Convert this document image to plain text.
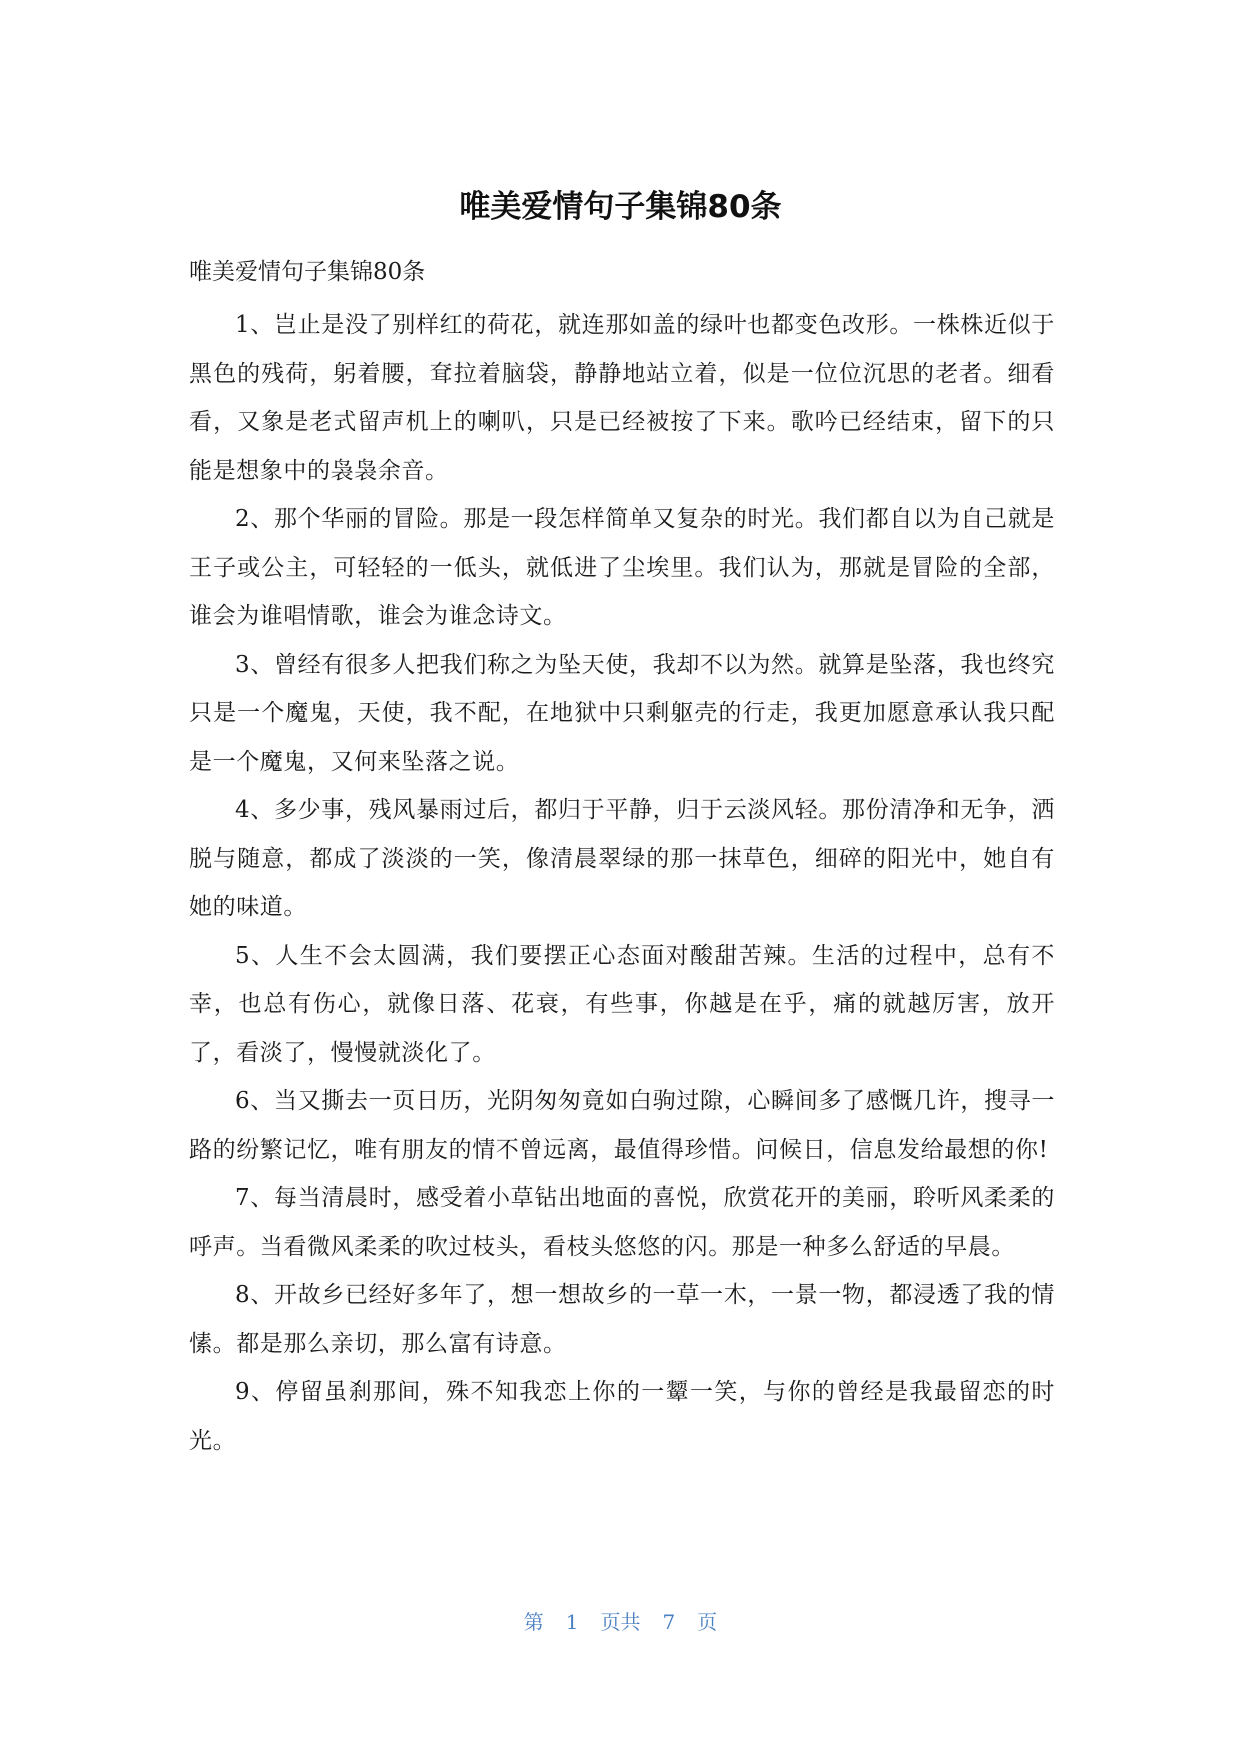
唯美爱情句子集锦80条

唯美爱情句子集锦80条

1、岂止是没了别样红的荷花，就连那如盖的绿叶也都变色改形。一株株近似于黑色的残荷，躬着腰，耷拉着脑袋，静静地站立着，似是一位位沉思的老者。细看看，又象是老式留声机上的喇叭，只是已经被按了下来。歌吟已经结束，留下的只能是想象中的袅袅余音。

2、那个华丽的冒险。那是一段怎样简单又复杂的时光。我们都自以为自己就是王子或公主，可轻轻的一低头，就低进了尘埃里。我们认为，那就是冒险的全部，谁会为谁唱情歌，谁会为谁念诗文。

3、曾经有很多人把我们称之为坠天使，我却不以为然。就算是坠落，我也终究只是一个魔鬼，天使，我不配，在地狱中只剩躯壳的行走，我更加愿意承认我只配是一个魔鬼，又何来坠落之说。

4、多少事，残风暴雨过后，都归于平静，归于云淡风轻。那份清净和无争，洒脱与随意，都成了淡淡的一笑，像清晨翠绿的那一抹草色，细碎的阳光中，她自有她的味道。

5、人生不会太圆满，我们要摆正心态面对酸甜苦辣。生活的过程中，总有不幸，也总有伤心，就像日落、花衰，有些事，你越是在乎，痛的就越厉害，放开了，看淡了，慢慢就淡化了。

6、当又撕去一页日历，光阴匆匆竟如白驹过隙，心瞬间多了感慨几许，搜寻一路的纷繁记忆，唯有朋友的情不曾远离，最值得珍惜。问候日，信息发给最想的你!

7、每当清晨时，感受着小草钻出地面的喜悦，欣赏花开的美丽，聆听风柔柔的呼声。当看微风柔柔的吹过枝头，看枝头悠悠的闪。那是一种多么舒适的早晨。

8、开故乡已经好多年了，想一想故乡的一草一木，一景一物，都浸透了我的情愫。都是那么亲切，那么富有诗意。

9、停留虽刹那间，殊不知我恋上你的一颦一笑，与你的曾经是我最留恋的时光。

第 1 页共 7 页
